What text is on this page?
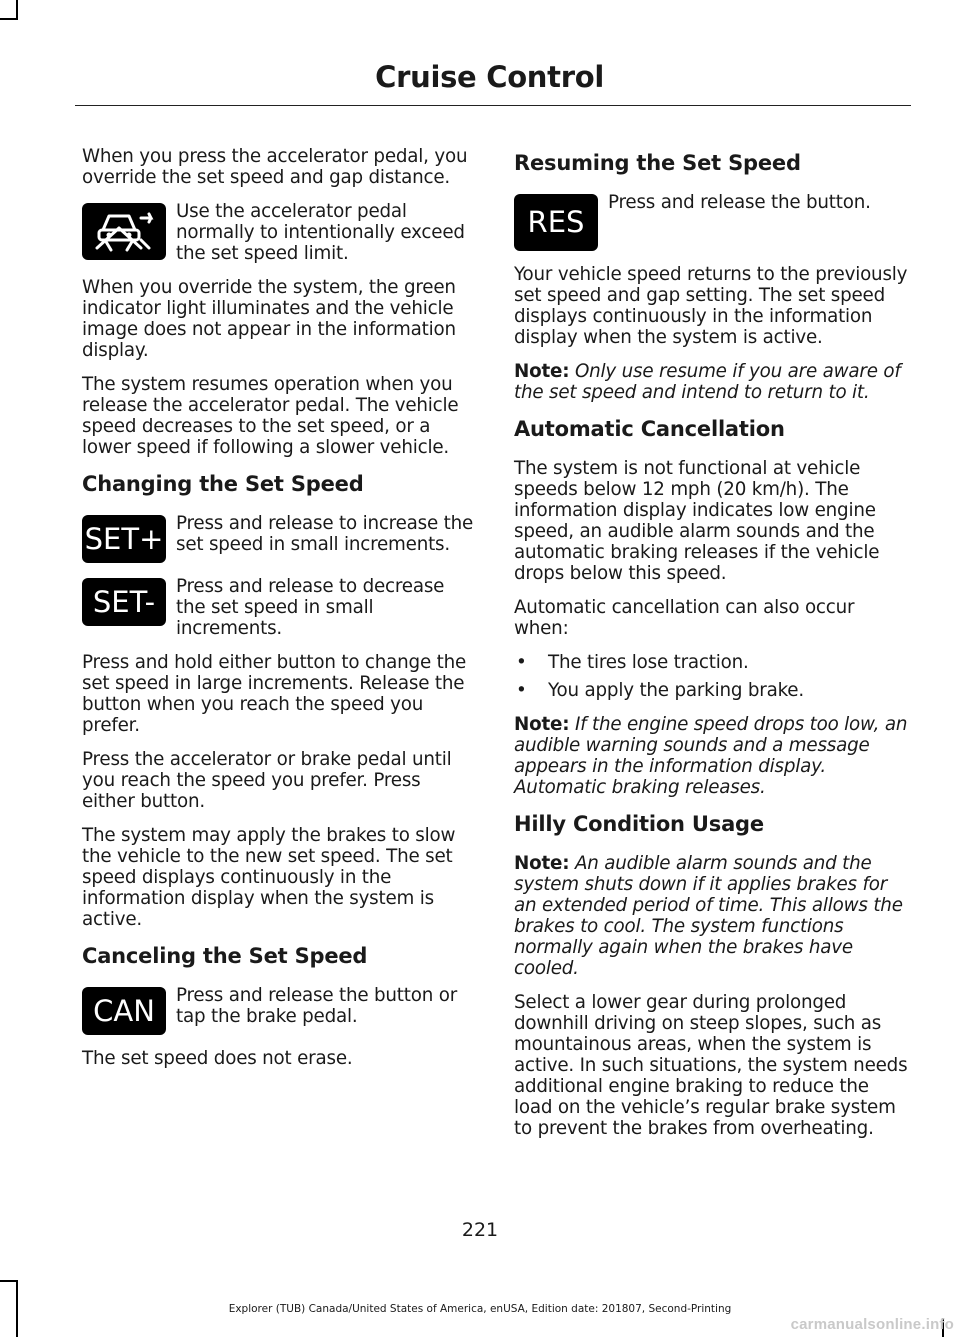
Cruise Control

When you press the accelerator pedal, you override the set speed and gap distance.

Use the accelerator pedal normally to intentionally exceed the set speed limit.

When you override the system, the green indicator light illuminates and the vehicle image does not appear in the information display.

The system resumes operation when you release the accelerator pedal. The vehicle speed decreases to the set speed, or a lower speed if following a slower vehicle.

Changing the Set Speed
SET+ Press and release to increase the set speed in small increments.
SET-	Press and release to decrease the set speed in small increments.

Press and hold either button to change the set speed in large increments. Release the button when you reach the speed you prefer.

Press the accelerator or brake pedal until you reach the speed you prefer. Press either button.

The system may apply the brakes to slow the vehicle to the new set speed. The set speed displays continuously in the information display when the system is active.

Canceling the Set Speed
CAN	Press and release the button or tap the brake pedal.

The set speed does not erase.

Resuming the Set Speed
RES
Press and release the button.

Your vehicle speed returns to the previously set speed and gap setting. The set speed displays continuously in the information display when the system is active.

Note: Only use resume if you are aware of the set speed and intend to return to it.

Automatic Cancellation

The system is not functional at vehicle speeds below 12 mph (20 km/h). The information display indicates low engine speed, an audible alarm sounds and the automatic braking releases if the vehicle drops below this speed.

Automatic cancellation can also occur when:

• The tires lose traction.
• You apply the parking brake.

Note: If the engine speed drops too low, an audible warning sounds and a message appears in the information display. Automatic braking releases.

Hilly Condition Usage

Note: An audible alarm sounds and the system shuts down if it applies brakes for an extended period of time. This allows the brakes to cool. The system functions normally again when the brakes have cooled.

Select a lower gear during prolonged downhill driving on steep slopes, such as mountainous areas, when the system is active. In such situations, the system needs additional engine braking to reduce the load on the vehicle’s regular brake system to prevent the brakes from overheating.

221
Explorer (TUB) Canada/United States of America, enUSA, Edition date: 201807, Second-Printing
carmanualsonline.info
